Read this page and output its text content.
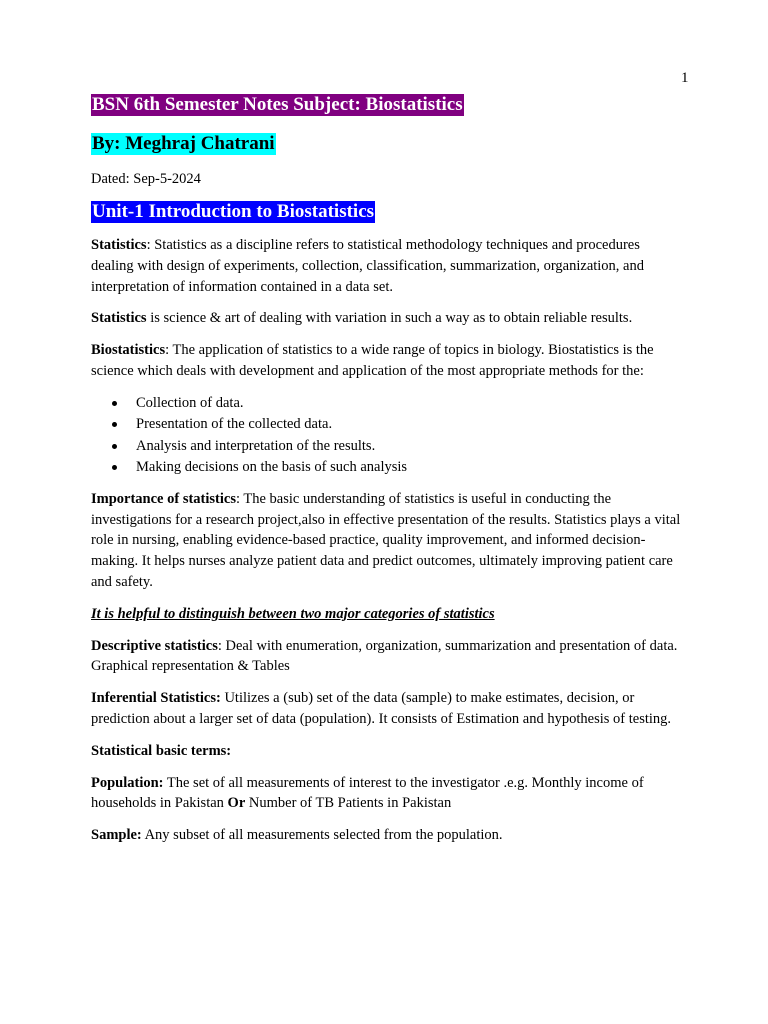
1
BSN 6th Semester Notes Subject: Biostatistics
By: Meghraj Chatrani
Dated: Sep-5-2024
Unit-1 Introduction to Biostatistics

Statistics: Statistics as a discipline refers to statistical methodology techniques and procedures dealing with design of experiments, collection, classification, summarization, organization, and interpretation of information contained in a data set.

Statistics is science & art of dealing with variation in such a way as to obtain reliable results.

Biostatistics: The application of statistics to a wide range of topics in biology. Biostatistics is the science which deals with development and application of the most appropriate methods for the:

Collection of data.
Presentation of the collected data.
Analysis and interpretation of the results.
Making decisions on the basis of such analysis

Importance of statistics: The basic understanding of statistics is useful in conducting the investigations for a research project,also in effective presentation of the results. Statistics plays a vital role in nursing, enabling evidence-based practice, quality improvement, and informed decision-making. It helps nurses analyze patient data and predict outcomes, ultimately improving patient care and safety.

It is helpful to distinguish between two major categories of statistics

Descriptive statistics: Deal with enumeration, organization, summarization and presentation of data. Graphical representation & Tables

Inferential Statistics: Utilizes a (sub) set of the data (sample) to make estimates, decision, or prediction about a larger set of data (population). It consists of Estimation and hypothesis of testing.

Statistical basic terms:

Population: The set of all measurements of interest to the investigator .e.g. Monthly income of households in Pakistan Or Number of TB Patients in Pakistan

Sample: Any subset of all measurements selected from the population.
